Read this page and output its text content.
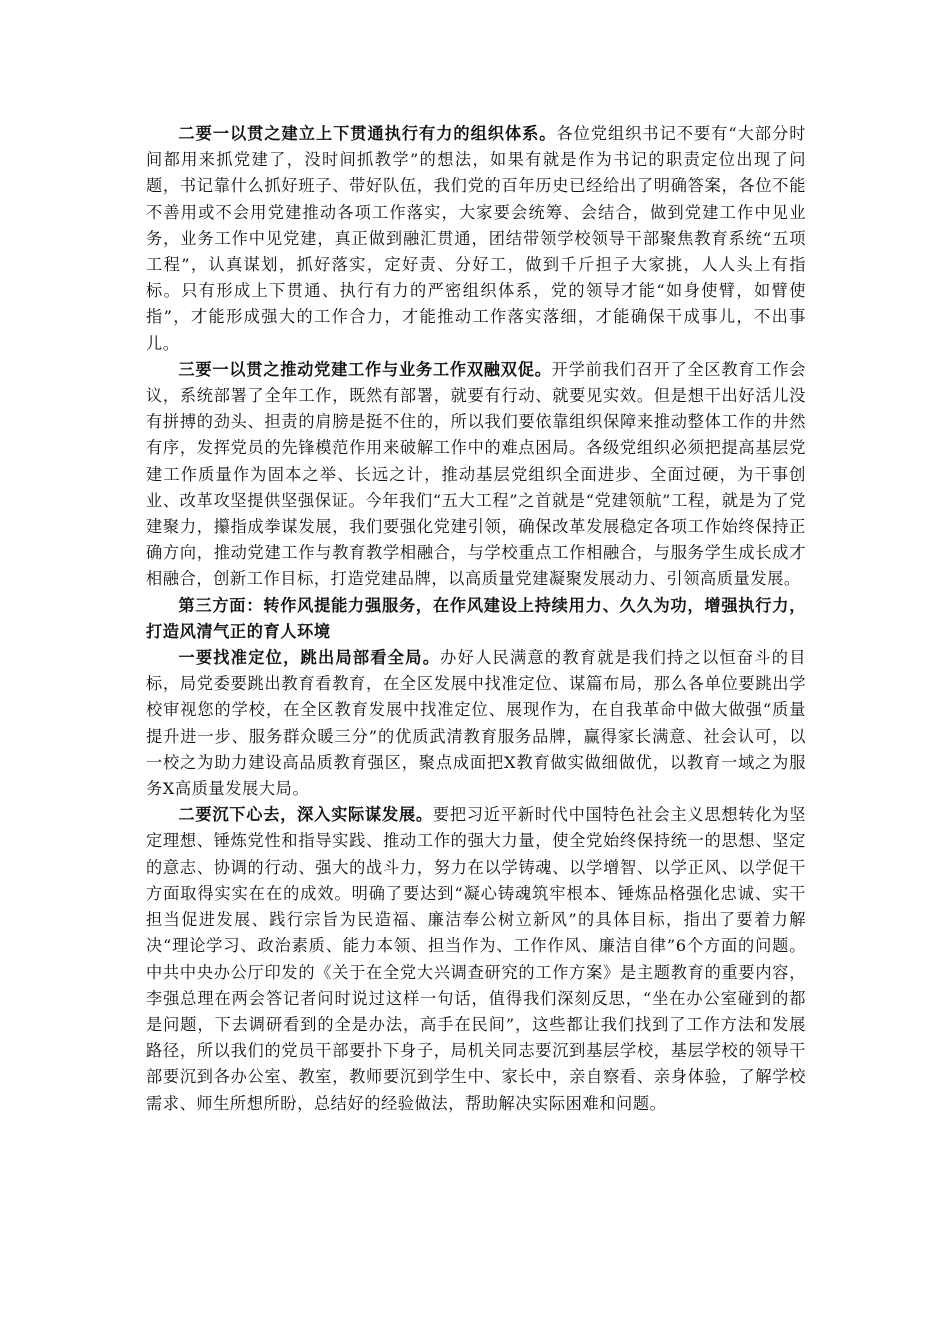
二要一以贯之建立上下贯通执行有力的组织体系。各位党组织书记不要有“大部分时间都用来抓党建了，没时间抓教学”的想法，如果有就是作为书记的职责定位出现了问题，书记靠什么抓好班子、带好队伍，我们党的百年历史已经给出了明确答案，各位不能不善用或不会用党建推动各项工作落实，大家要会统筹、会结合，做到党建工作中见业务，业务工作中见党建，真正做到融汇贯通，团结带领学校领导干部聚焦教育系统“五项工程”，认真谋划，抓好落实，定好责、分好工，做到千斤担子大家挑，人人头上有指标。只有形成上下贯通、执行有力的严密组织体系，党的领导才能“如身使臂，如臂使指”，才能形成强大的工作合力，才能推动工作落实落细，才能确保干成事儿，不出事儿。

三要一以贯之推动党建工作与业务工作双融双促。开学前我们召开了全区教育工作会议，系统部署了全年工作，既然有部署，就要有行动、就要见实效。但是想干出好活儿没有拼搏的劲头、担责的肩膀是挺不住的，所以我们要依靠组织保障来推动整体工作的井然有序，发挥党员的先锋模范作用来破解工作中的难点困局。各级党组织必须把提高基层党建工作质量作为固本之举、长远之计，推动基层党组织全面进步、全面过硬，为干事创业、改革攻坚提供坚强保证。今年我们“五大工程”之首就是“党建领航”工程，就是为了党建聚力，攥指成拳谋发展，我们要强化党建引领，确保改革发展稳定各项工作始终保持正确方向，推动党建工作与教育教学相融合，与学校重点工作相融合，与服务学生成长成才相融合，创新工作目标，打造党建品牌，以高质量党建凝聚发展动力、引领高质量发展。

第三方面：转作风提能力强服务，在作风建设上持续用力、久久为功，增强执行力，打造风清气正的育人环境

一要找准定位，跳出局部看全局。办好人民满意的教育就是我们持之以恒奋斗的目标，局党委要跳出教育看教育，在全区发展中找准定位、谋篇布局，那么各单位要跳出学校审视您的学校，在全区教育发展中找准定位、展现作为，在自我革命中做大做强“质量提升进一步、服务群众暖三分”的优质武清教育服务品牌，赢得家长满意、社会认可，以一校之为助力建设高品质教育强区，聚点成面把X教育做实做细做优，以教育一域之为服务X高质量发展大局。

二要沉下心去，深入实际谋发展。要把习近平新时代中国特色社会主义思想转化为坚定理想、锤炼党性和指导实践、推动工作的强大力量，使全党始终保持统一的思想、坚定的意志、协调的行动、强大的战斗力，努力在以学铸魂、以学增智、以学正风、以学促干方面取得实实在在的成效。明确了要达到“凝心铸魂筑牢根本、锤炼品格强化忠诚、实干担当促进发展、践行宗旨为民造福、廉洁奉公树立新风”的具体目标，指出了要着力解决“理论学习、政治素质、能力本领、担当作为、工作作风、廉洁自律”6个方面的问题。中共中央办公厅印发的《关于在全党大兴调查研究的工作方案》是主题教育的重要内容，李强总理在两会答记者问时说过这样一句话，值得我们深刻反思，“坐在办公室碰到的都是问题，下去调研看到的全是办法，高手在民间”，这些都让我们找到了工作方法和发展路径，所以我们的党员干部要扑下身子，局机关同志要沉到基层学校，基层学校的领导干部要沉到各办公室、教室，教师要沉到学生中、家长中，亲自察看、亲身体验，了解学校需求、师生所想所盼，总结好的经验做法，帮助解决实际困难和问题。
